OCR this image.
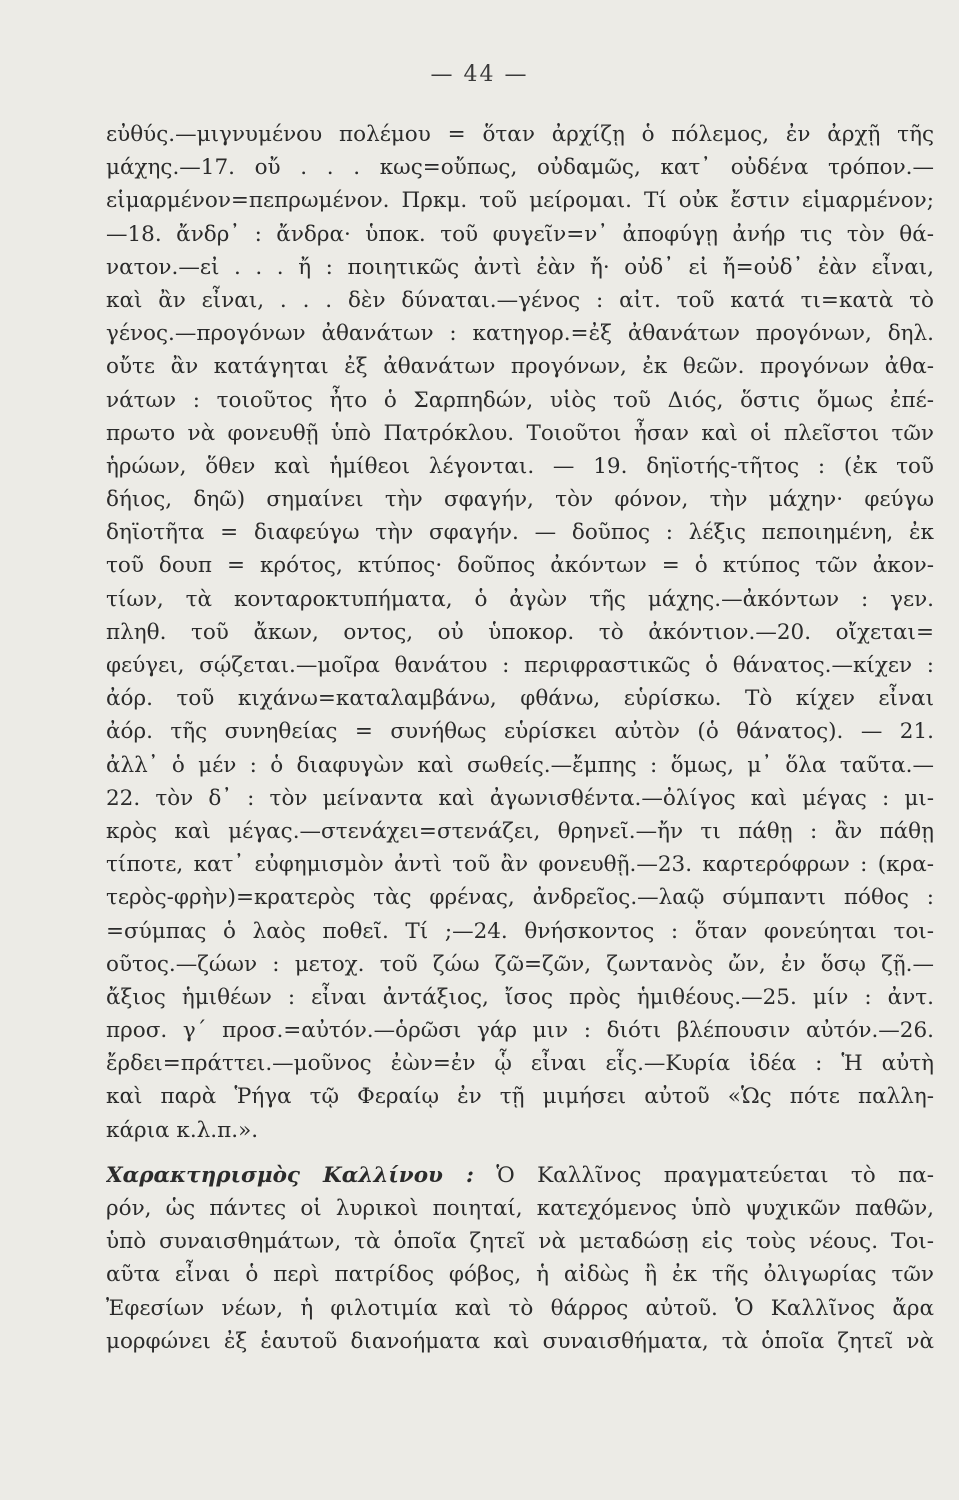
— 44 —
εὐθύς.—μιγνυμένου πολέμου = ὅταν ἀρχίζῃ ὁ πόλεμος, ἐν ἀρχῇ τῆς
μάχης.—17. οὔ . . . κως=οὔπως, οὐδαμῶς, κατ᾿ οὐδένα τρόπον.—
εἱμαρμένον=πεπρωμένον. Πρκμ. τοῦ μείρομαι. Τί οὐκ ἔστιν εἱμαρμένον;
—18. ἄνδρ᾿ : ἄνδρα· ὑποκ. τοῦ φυγεῖν=ν᾿ ἀποφύγῃ ἀνήρ τις τὸν θά-
νατον.—εἰ . . . ἤ : ποιητικῶς ἀντὶ ἐὰν ἤ· οὐδ᾿ εἰ ἤ=οὐδ᾿ ἐὰν εἶναι,
καὶ ἂν εἶναι, . . . δὲν δύναται.—γένος : αἰτ. τοῦ κατά τι=κατὰ τὸ
γένος.—προγόνων ἀθανάτων : κατηγορ.=ἐξ ἀθανάτων προγόνων, δηλ.
οὔτε ἂν κατάγηται ἐξ ἀθανάτων προγόνων, ἐκ θεῶν. προγόνων ἀθα-
νάτων : τοιοῦτος ἦτο ὁ Σαρπηδών, υἱὸς τοῦ Διός, ὅστις ὅμως ἐπέ-
πρωτο νὰ φονευθῇ ὑπὸ Πατρόκλου. Τοιοῦτοι ἦσαν καὶ οἱ πλεῖστοι τῶν
ἡρώων, ὅθεν καὶ ἡμίθεοι λέγονται. — 19. δηϊοτής-τῆτος : (ἐκ τοῦ
δήιος, δηῶ) σημαίνει τὴν σφαγήν, τὸν φόνον, τὴν μάχην· φεύγω
δηϊοτῆτα = διαφεύγω τὴν σφαγήν. — δοῦπος : λέξις πεποιημένη, ἐκ
τοῦ δουπ = κρότος, κτύπος· δοῦπος ἀκόντων = ὁ κτύπος τῶν ἀκον-
τίων, τὰ κονταροκτυπήματα, ὁ ἀγὼν τῆς μάχης.—ἀκόντων : γεν.
πληθ. τοῦ ἄκων, οντος, οὐ ὑποκορ. τὸ ἀκόντιον.—20. οἴχεται=
φεύγει, σῴζεται.—μοῖρα θανάτου : περιφραστικῶς ὁ θάνατος.—κίχεν :
ἀόρ. τοῦ κιχάνω=καταλαμβάνω, φθάνω, εὑρίσκω. Τὸ κίχεν εἶναι
ἀόρ. τῆς συνηθείας = συνήθως εὑρίσκει αὐτὸν (ὁ θάνατος). — 21.
ἀλλ᾿ ὁ μέν : ὁ διαφυγὼν καὶ σωθείς.—ἔμπης : ὅμως, μ᾿ ὅλα ταῦτα.—
22. τὸν δ᾿ : τὸν μείναντα καὶ ἀγωνισθέντα.—ὀλίγος καὶ μέγας : μι-
κρὸς καὶ μέγας.—στενάχει=στενάζει, θρηνεῖ.—ἤν τι πάθῃ : ἂν πάθῃ
τίποτε, κατ᾿ εὐφημισμὸν ἀντὶ τοῦ ἂν φονευθῇ.—23. καρτερόφρων : (κρα-
τερὸς-φρὴν)=κρατερὸς τὰς φρένας, ἀνδρεῖος.—λαῷ σύμπαντι πόθος :
=σύμπας ὁ λαὸς ποθεῖ. Τί ;—24. θνήσκοντος : ὅταν φονεύηται τοι-
οῦτος.—ζώων : μετοχ. τοῦ ζώω ζῶ=ζῶν, ζωντανὸς ὤν, ἐν ὅσῳ ζῇ.—
ἄξιος ἡμιθέων : εἶναι ἀντάξιος, ἴσος πρὸς ἡμιθέους.—25. μίν : ἀντ.
προσ. γ΄ προσ.=αὐτόν.—ὁρῶσι γάρ μιν : διότι βλέπουσιν αὐτόν.—26.
ἔρδει=πράττει.—μοῦνος ἐὼν=ἐν ᾧ εἶναι εἷς.—Κυρία ἰδέα : Ἡ αὐτὴ
καὶ παρὰ Ῥήγα τῷ Φεραίῳ ἐν τῇ μιμήσει αὐτοῦ «Ὡς πότε παλλη-
κάρια κ.λ.π.».
Χαρακτηρισμὸς Καλλίνου : Ὁ Καλλῖνος πραγματεύεται τὸ πα-
ρόν, ὡς πάντες οἱ λυρικοὶ ποιηταί, κατεχόμενος ὑπὸ ψυχικῶν παθῶν,
ὑπὸ συναισθημάτων, τὰ ὁποῖα ζητεῖ νὰ μεταδώσῃ εἰς τοὺς νέους. Τοι-
αῦτα εἶναι ὁ περὶ πατρίδος φόβος, ἡ αἰδὼς ἢ ἐκ τῆς ὀλιγωρίας τῶν
Ἐφεσίων νέων, ἡ φιλοτιμία καὶ τὸ θάρρος αὐτοῦ. Ὁ Καλλῖνος ἄρα
μορφώνει ἐξ ἑαυτοῦ διανοήματα καὶ συναισθήματα, τὰ ὁποῖα ζητεῖ νὰ
